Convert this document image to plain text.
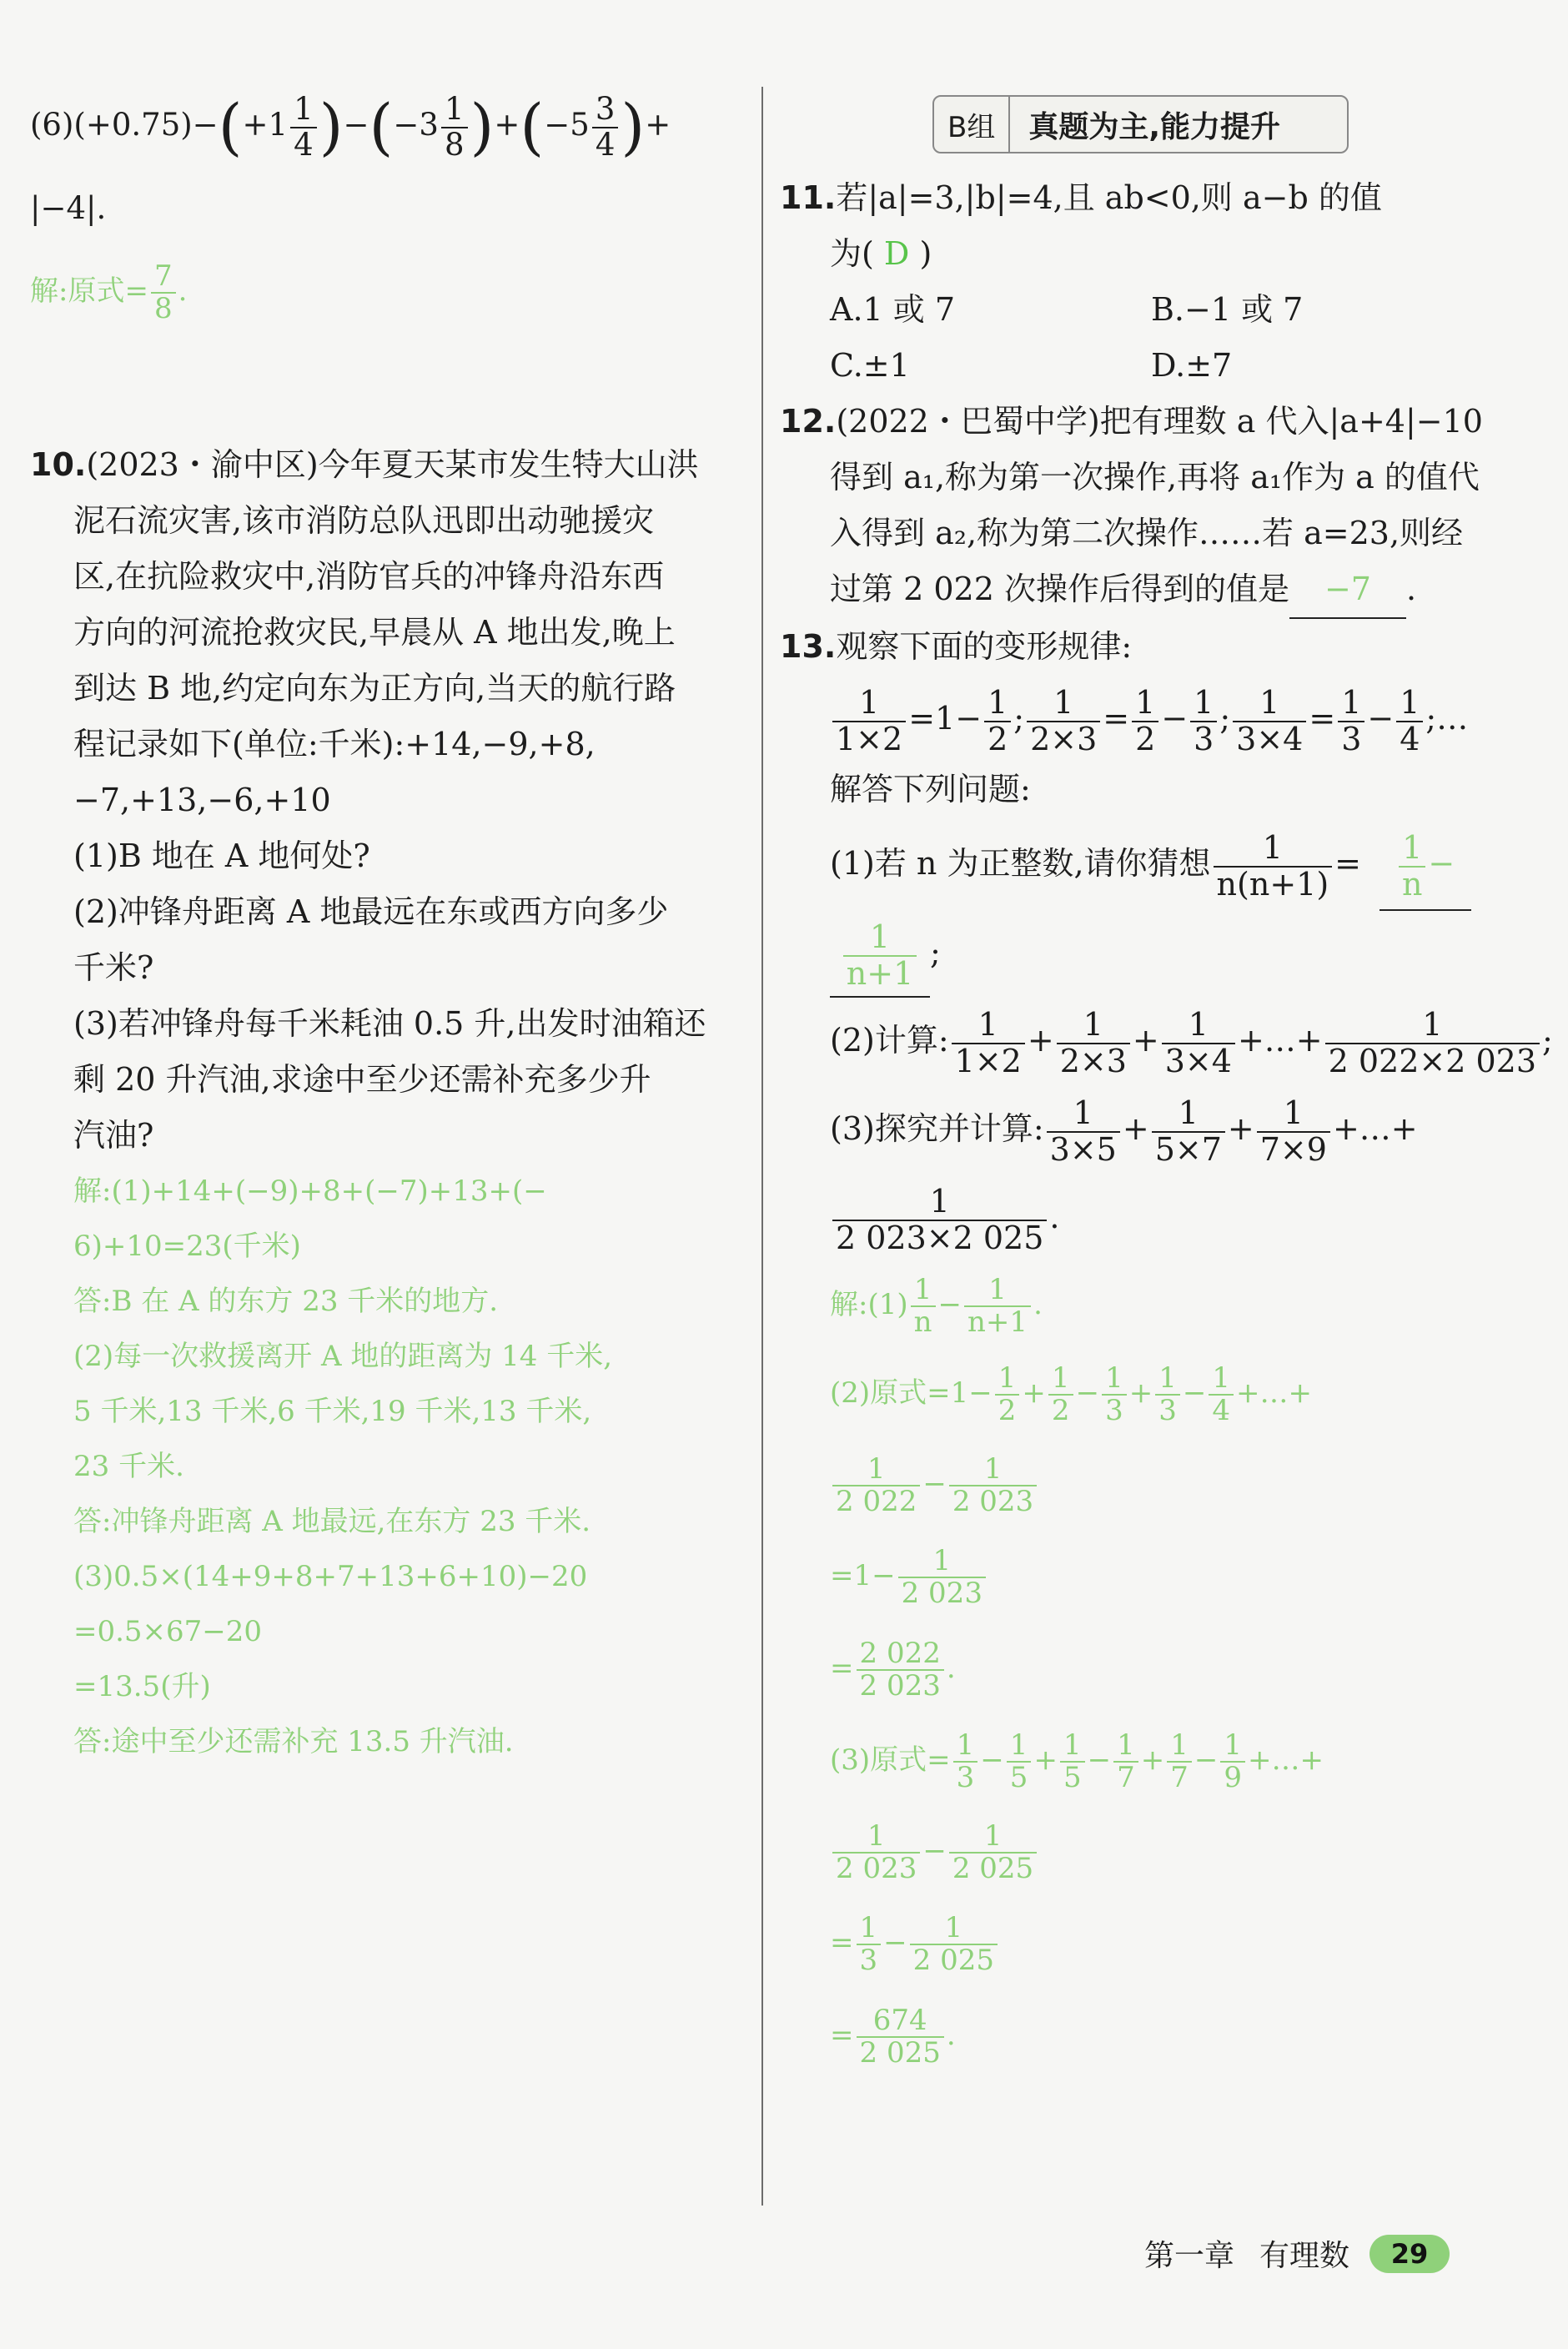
$(6)(+0.75)-(+1 \frac{1}{4} )-(-3 \frac{1}{8} )+(-5 \frac{3}{4}$ )+
|−4|.
解:原式= $\frac{7}{8}$ .
10.(2023・渝中区)今年夏天某市发生特大山洪
泥石流灾害,该市消防总队迅即出动驰援灾
区,在抗险救灾中,消防官兵的冲锋舟沿东西
方向的河流抢救灾民,早晨从 A 地出发,晚上
到达 B 地,约定向东为正方向,当天的航行路
程记录如下(单位:千米):+14,−9,+8,
−7,+13,−6,+10
(1)B 地在 A 地何处?
(2)冲锋舟距离 A 地最远在东或西方向多少
千米?
(3)若冲锋舟每千米耗油 0.5 升,出发时油箱还
剩 20 升汽油,求途中至少还需补充多少升
汽油?
解:(1)+14+(−9)+8+(−7)+13+(−
6)+10=23(千米)
答:B 在 A 的东方 23 千米的地方.
(2)每一次救援离开 A 地的距离为 14 千米,
5 千米,13 千米,6 千米,19 千米,13 千米,
23 千米.
答:冲锋舟距离 A 地最远,在东方 23 千米.
(3)0.5×(14+9+8+7+13+6+10)−20
=0.5×67−20
=13.5(升)
答:途中至少还需补充 13.5 升汽油.
B组	真题为主,能力提升
11.若|a|=3,|b|=4,且 ab<0,则 a−b 的值
为( D )
A.1 或 7	B.−1 或 7
C.±1	D.±7
12.(2022・巴蜀中学)把有理数 a 代入|a+4|−10
得到 a₁,称为第一次操作,再将 a₁作为 a 的值代
入得到 a₂,称为第二次操作……若 a=23,则经
过第 2 022 次操作后得到的值是 −7 .
13.观察下面的变形规律:
$\frac{1}{1\times 2} =1- \frac{1}{2}$ ; $\frac{1}{2\times 3} = \frac{1}{2} - \frac{1}{3}$ ; $\frac{1}{3\times 4} = \frac{1}{3} - \frac{1}{4}$ ;…
解答下列问题:
(1)若 n 为正整数,请你猜想 $\frac{1}{n(n+1)} = \frac{1}{n}$ −
$\frac{1}{n+1}$ ;
(2)计算: $\frac{1}{1\times 2} + \frac{1}{2\times 3} + \frac{1}{3\times 4}$ +…+ $\frac{1}{2 022\times 2 023}$ ;
(3)探究并计算: $\frac{1}{3\times 5} + \frac{1}{5\times 7} + \frac{1}{7\times 9}$ +…+
$\frac{1}{2 023\times 2 025}$ .
解:(1) $\frac{1}{n} - \frac{1}{n+1}$ .
(2)原式$=1- \frac{1}{2} + \frac{1}{2} - \frac{1}{3} + \frac{1}{3} - \frac{1}{4}$ +…+
$\frac{1}{2 022} - \frac{1}{2 023}$
$=1- \frac{1}{2 023}$
= $\frac{2 022}{2 023}$ .
(3)原式= $\frac{1}{3} - \frac{1}{5} + \frac{1}{5} - \frac{1}{7} + \frac{1}{7} - \frac{1}{9}$ +…+
$\frac{1}{2 023} - \frac{1}{2 025}$
= $\frac{1}{3} - \frac{1}{2 025}$
= $\frac{674}{2 025}$ .
第一章 有理数	29
